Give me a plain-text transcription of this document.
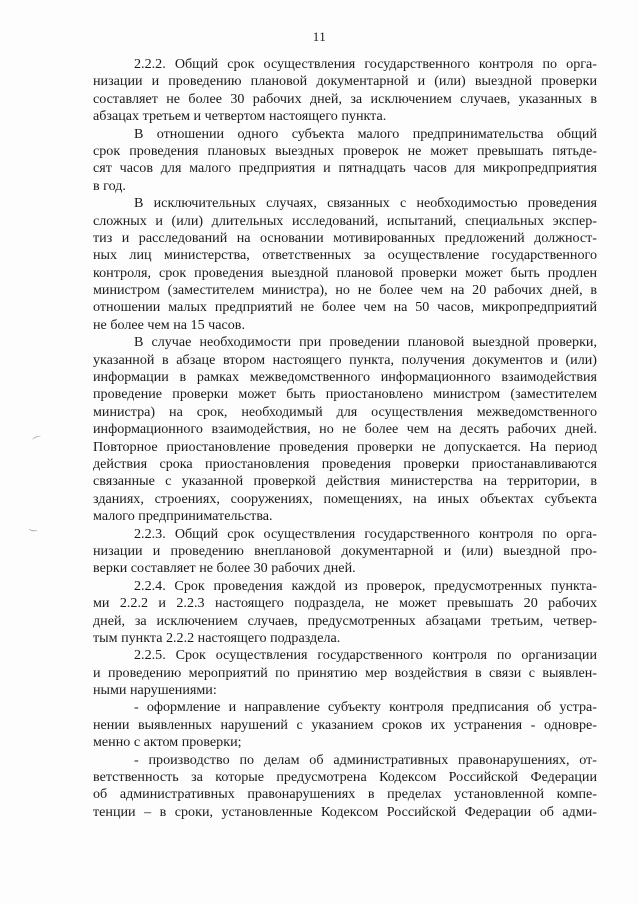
11
⌒
‿
2.2.2. Общий срок осуществления государственного контроля по орга-
низации и проведению плановой документарной и (или) выездной проверки
составляет не более 30 рабочих дней, за исключением случаев, указанных в
абзацах третьем и четвертом настоящего пункта.
В отношении одного субъекта малого предпринимательства общий
срок проведения плановых выездных проверок не может превышать пятьде-
сят часов для малого предприятия и пятнадцать часов для микропредприятия
в год.
В исключительных случаях, связанных с необходимостью проведения
сложных и (или) длительных исследований, испытаний, специальных экспер-
тиз и расследований на основании мотивированных предложений должност-
ных лиц министерства, ответственных за осуществление государственного
контроля, срок проведения выездной плановой проверки может быть продлен
министром (заместителем министра), но не более чем на 20 рабочих дней, в
отношении малых предприятий не более чем на 50 часов, микропредприятий
не более чем на 15 часов.
В случае необходимости при проведении плановой выездной проверки,
указанной в абзаце втором настоящего пункта, получения документов и (или)
информации в рамках межведомственного информационного взаимодействия
проведение проверки может быть приостановлено министром (заместителем
министра) на срок, необходимый для осуществления межведомственного
информационного взаимодействия, но не более чем на десять рабочих дней.
Повторное приостановление проведения проверки не допускается. На период
действия срока приостановления проведения проверки приостанавливаются
связанные с указанной проверкой действия министерства на территории, в
зданиях, строениях, сооружениях, помещениях, на иных объектах субъекта
малого предпринимательства.
2.2.3. Общий срок осуществления государственного контроля по орга-
низации и проведению внеплановой документарной и (или) выездной про-
верки составляет не более 30 рабочих дней.
2.2.4. Срок проведения каждой из проверок, предусмотренных пункта-
ми 2.2.2 и 2.2.3 настоящего подраздела, не может превышать 20 рабочих
дней, за исключением случаев, предусмотренных абзацами третьим, четвер-
тым пункта 2.2.2 настоящего подраздела.
2.2.5. Срок осуществления государственного контроля по организации
и проведению мероприятий по принятию мер воздействия в связи с выявлен-
ными нарушениями:
- оформление и направление субъекту контроля предписания об устра-
нении выявленных нарушений с указанием сроков их устранения - одновре-
менно с актом проверки;
- производство по делам об административных правонарушениях, от-
ветственность за которые предусмотрена Кодексом Российской Федерации
об административных правонарушениях в пределах установленной компе-
тенции – в сроки, установленные Кодексом Российской Федерации об адми-
